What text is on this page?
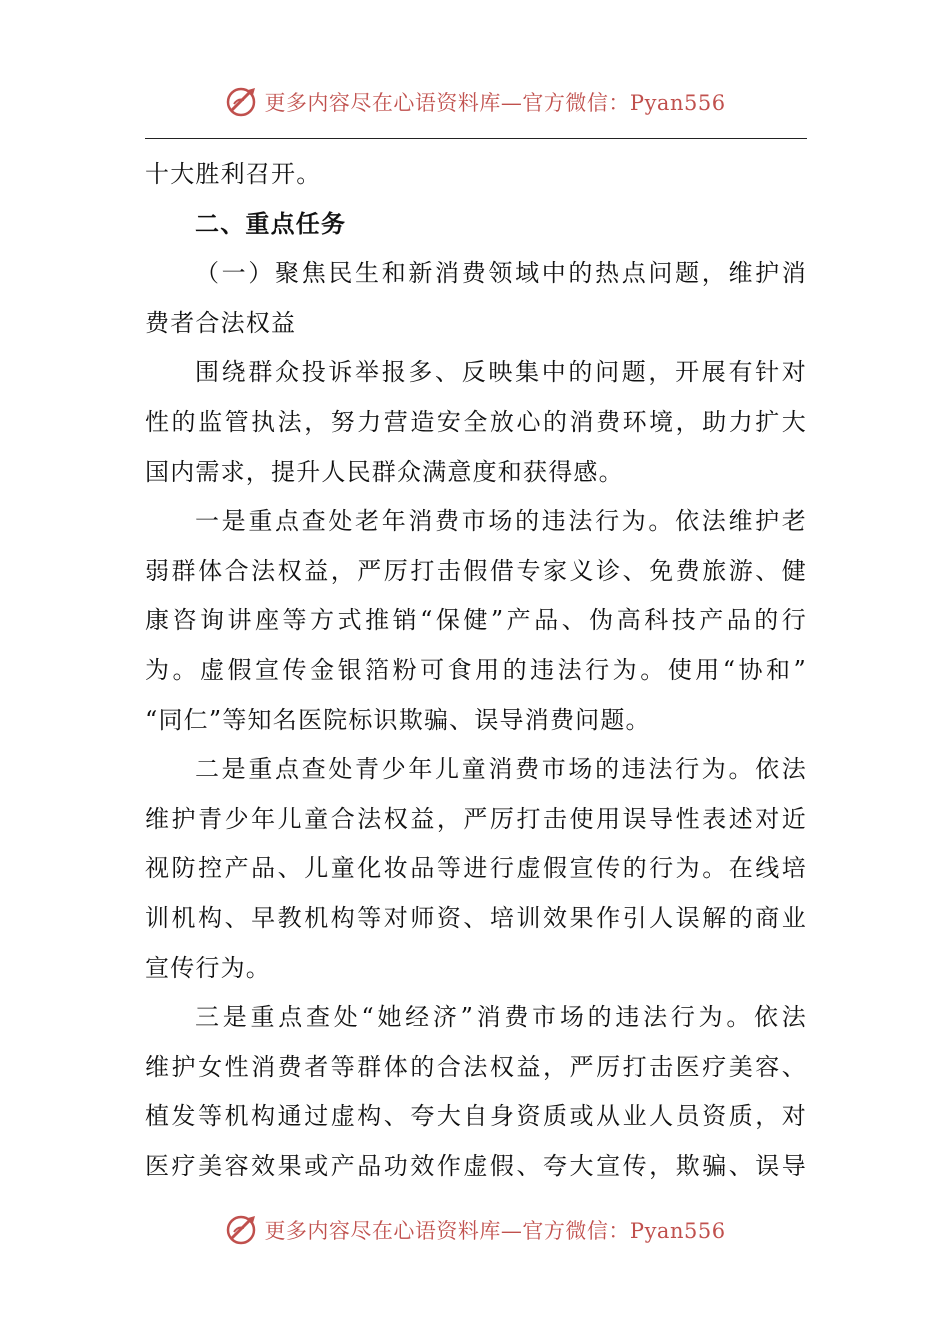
更多内容尽在心语资料库—官方微信：Pyan556
十大胜利召开。
二、重点任务
（一）聚焦民生和新消费领域中的热点问题，维护消
费者合法权益
围绕群众投诉举报多、反映集中的问题，开展有针对
性的监管执法，努力营造安全放心的消费环境，助力扩大
国内需求，提升人民群众满意度和获得感。
一是重点查处老年消费市场的违法行为。依法维护老
弱群体合法权益，严厉打击假借专家义诊、免费旅游、健
康咨询讲座等方式推销“保健”产品、伪高科技产品的行
为。虚假宣传金银箔粉可食用的违法行为。使用“协和”
“同仁”等知名医院标识欺骗、误导消费问题。
二是重点查处青少年儿童消费市场的违法行为。依法
维护青少年儿童合法权益，严厉打击使用误导性表述对近
视防控产品、儿童化妆品等进行虚假宣传的行为。在线培
训机构、早教机构等对师资、培训效果作引人误解的商业
宣传行为。
三是重点查处“她经济”消费市场的违法行为。依法
维护女性消费者等群体的合法权益，严厉打击医疗美容、
植发等机构通过虚构、夸大自身资质或从业人员资质，对
医疗美容效果或产品功效作虚假、夸大宣传，欺骗、误导
更多内容尽在心语资料库—官方微信：Pyan556
